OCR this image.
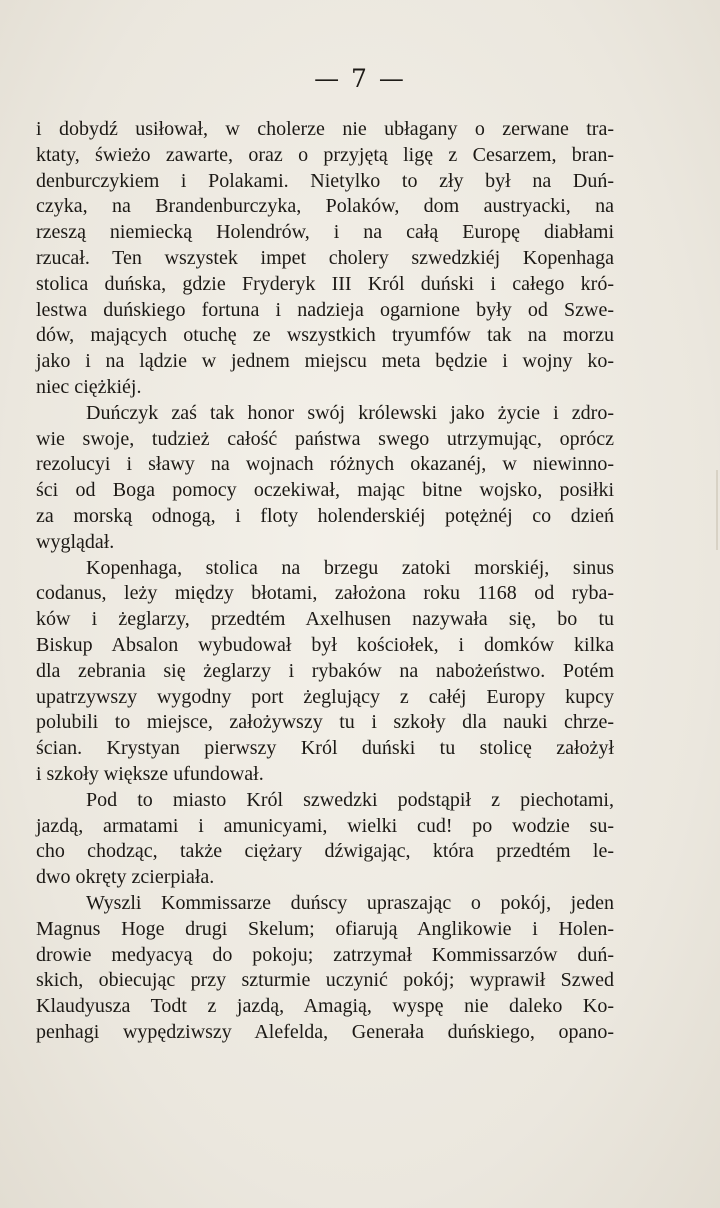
— 7 —
i dobydź usiłował, w cholerze nie ubłagany o zerwane tra-
ktaty, świeżo zawarte, oraz o przyjętą ligę z Cesarzem, bran-
denburczykiem i Polakami. Nietylko to zły był na Duń-
czyka, na Brandenburczyka, Polaków, dom austryacki, na
rzeszą niemiecką Holendrów, i na całą Europę diabłami
rzucał. Ten wszystek impet cholery szwedzkiéj Kopenhaga
stolica duńska, gdzie Fryderyk III Król duński i całego kró-
lestwa duńskiego fortuna i nadzieja ogarnione były od Szwe-
dów, mających otuchę ze wszystkich tryumfów tak na morzu
jako i na lądzie w jednem miejscu meta będzie i wojny ko-
niec ciężkiéj.
Duńczyk zaś tak honor swój królewski jako życie i zdro-
wie swoje, tudzież całość państwa swego utrzymując, oprócz
rezolucyi i sławy na wojnach różnych okazanéj, w niewinno-
ści od Boga pomocy oczekiwał, mając bitne wojsko, posiłki
za morską odnogą, i floty holenderskiéj potężnéj co dzień
wyglądał.
Kopenhaga, stolica na brzegu zatoki morskiéj, sinus
codanus, leży między błotami, założona roku 1168 od ryba-
ków i żeglarzy, przedtém Axelhusen nazywała się, bo tu
Biskup Absalon wybudował był kościołek, i domków kilka
dla zebrania się żeglarzy i rybaków na nabożeństwo. Potém
upatrzywszy wygodny port żeglujący z całéj Europy kupcy
polubili to miejsce, założywszy tu i szkoły dla nauki chrze-
ścian. Krystyan pierwszy Król duński tu stolicę założył
i szkoły większe ufundował.
Pod to miasto Król szwedzki podstąpił z piechotami,
jazdą, armatami i amunicyami, wielki cud! po wodzie su-
cho chodząc, także ciężary dźwigając, która przedtém le-
dwo okręty zcierpiała.
Wyszli Kommissarze duńscy upraszając o pokój, jeden
Magnus Hoge drugi Skelum; ofiarują Anglikowie i Holen-
drowie medyacyą do pokoju; zatrzymał Kommissarzów duń-
skich, obiecując przy szturmie uczynić pokój; wyprawił Szwed
Klaudyusza Todt z jazdą, Amagią, wyspę nie daleko Ko-
penhagi wypędziwszy Alefelda, Generała duńskiego, opano-
